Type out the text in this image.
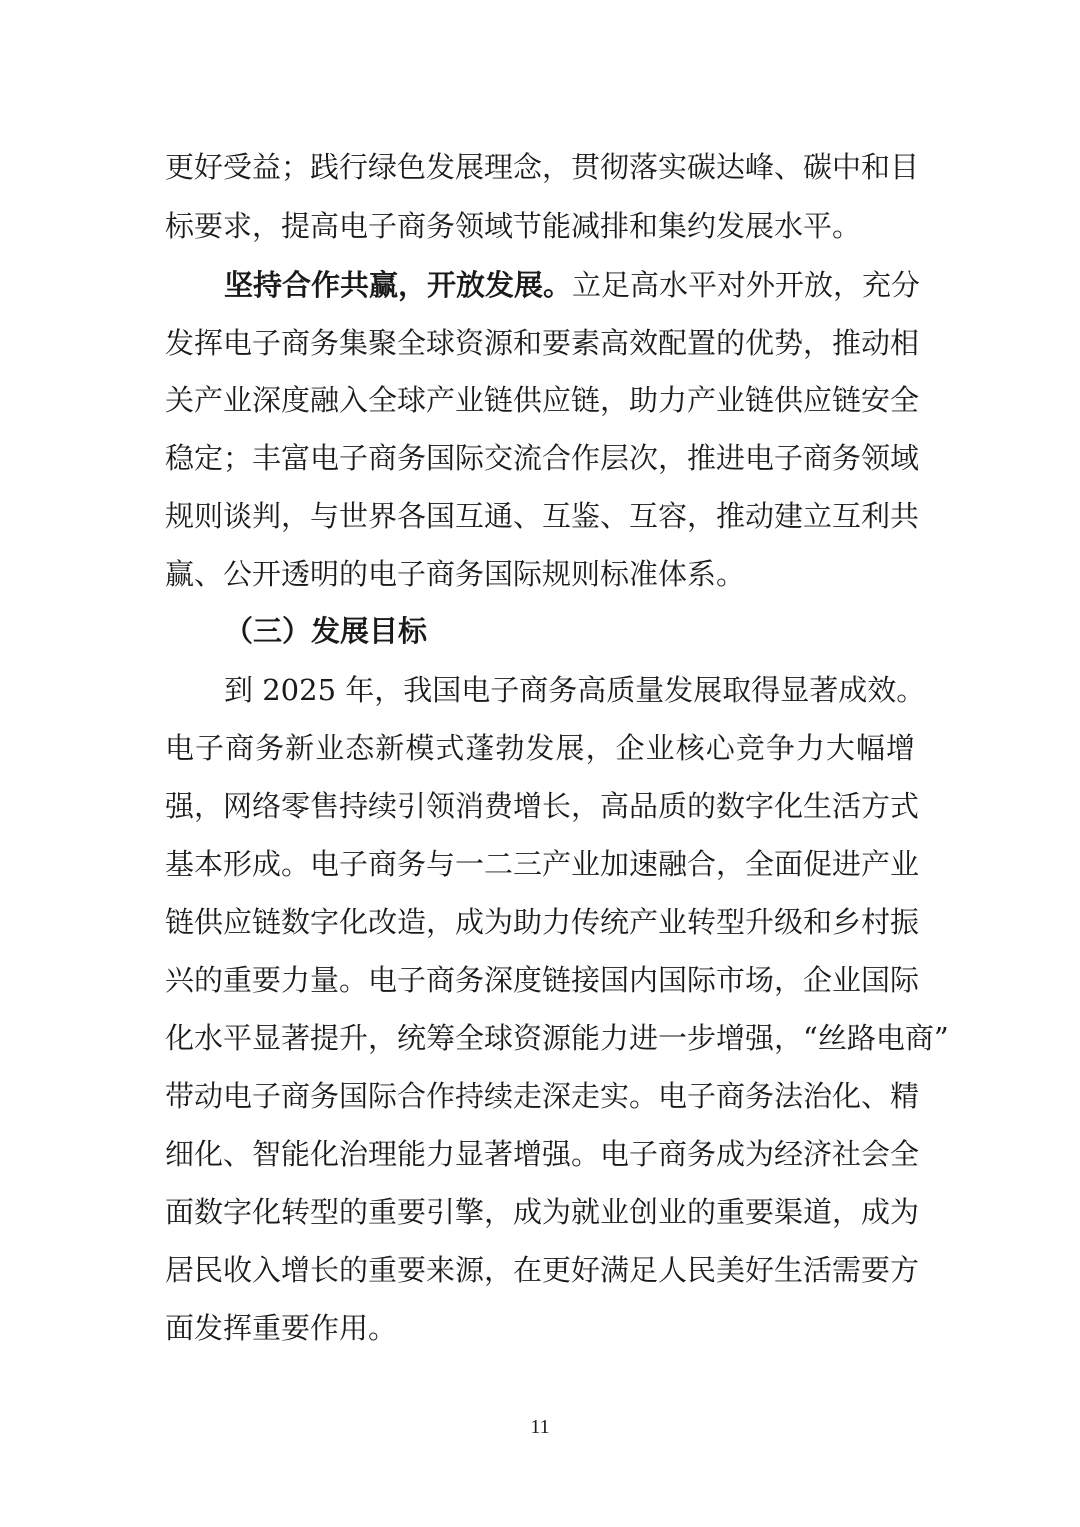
更好受益；践行绿色发展理念，贯彻落实碳达峰、碳中和目
标要求，提高电子商务领域节能减排和集约发展水平。
坚持合作共赢，开放发展。立足高水平对外开放，充分
发挥电子商务集聚全球资源和要素高效配置的优势，推动相
关产业深度融入全球产业链供应链，助力产业链供应链安全
稳定；丰富电子商务国际交流合作层次，推进电子商务领域
规则谈判，与世界各国互通、互鉴、互容，推动建立互利共
赢、公开透明的电子商务国际规则标准体系。
（三）发展目标
到 2025 年，我国电子商务高质量发展取得显著成效。
电子商务新业态新模式蓬勃发展，企业核心竞争力大幅增
强，网络零售持续引领消费增长，高品质的数字化生活方式
基本形成。电子商务与一二三产业加速融合，全面促进产业
链供应链数字化改造，成为助力传统产业转型升级和乡村振
兴的重要力量。电子商务深度链接国内国际市场，企业国际
化水平显著提升，统筹全球资源能力进一步增强，“丝路电商”
带动电子商务国际合作持续走深走实。电子商务法治化、精
细化、智能化治理能力显著增强。电子商务成为经济社会全
面数字化转型的重要引擎，成为就业创业的重要渠道，成为
居民收入增长的重要来源，在更好满足人民美好生活需要方
面发挥重要作用。
11
